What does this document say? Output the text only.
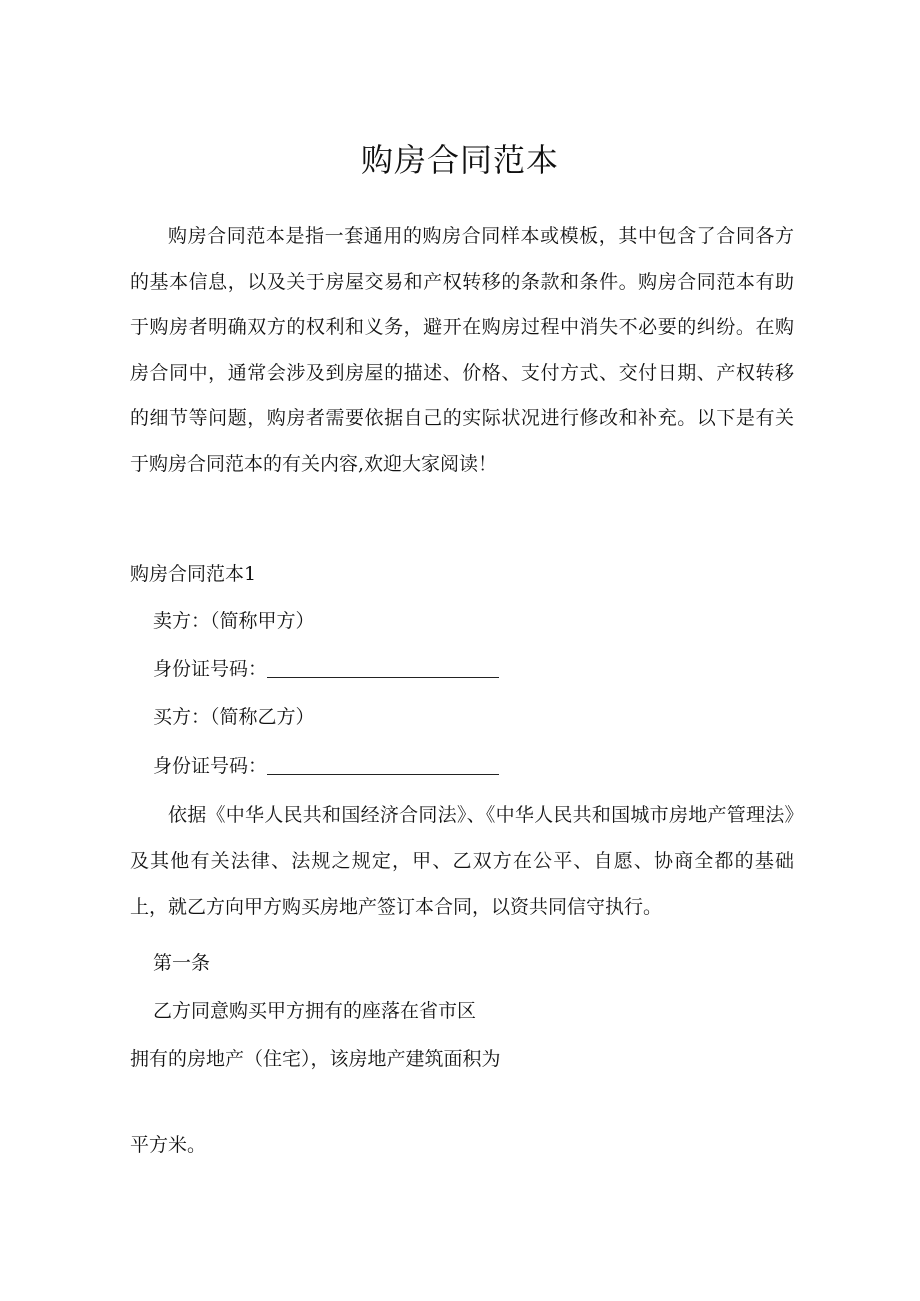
购房合同范本

购房合同范本是指一套通用的购房合同样本或模板，其中包含了合同各方的基本信息，以及关于房屋交易和产权转移的条款和条件。购房合同范本有助于购房者明确双方的权利和义务，避开在购房过程中消失不必要的纠纷。在购房合同中，通常会涉及到房屋的描述、价格、支付方式、交付日期、产权转移的细节等问题，购房者需要依据自己的实际状况进行修改和补充。以下是有关于购房合同范本的有关内容,欢迎大家阅读！

购房合同范本1
卖方：（简称甲方）
身份证号码：
买方：（简称乙方）
身份证号码：

依据《中华人民共和国经济合同法》、《中华人民共和国城市房地产管理法》及其他有关法律、法规之规定，甲、乙双方在公平、自愿、协商全都的基础上，就乙方向甲方购买房地产签订本合同，以资共同信守执行。

第一条
乙方同意购买甲方拥有的座落在省市区
拥有的房地产（住宅），该房地产建筑面积为
平方米。
